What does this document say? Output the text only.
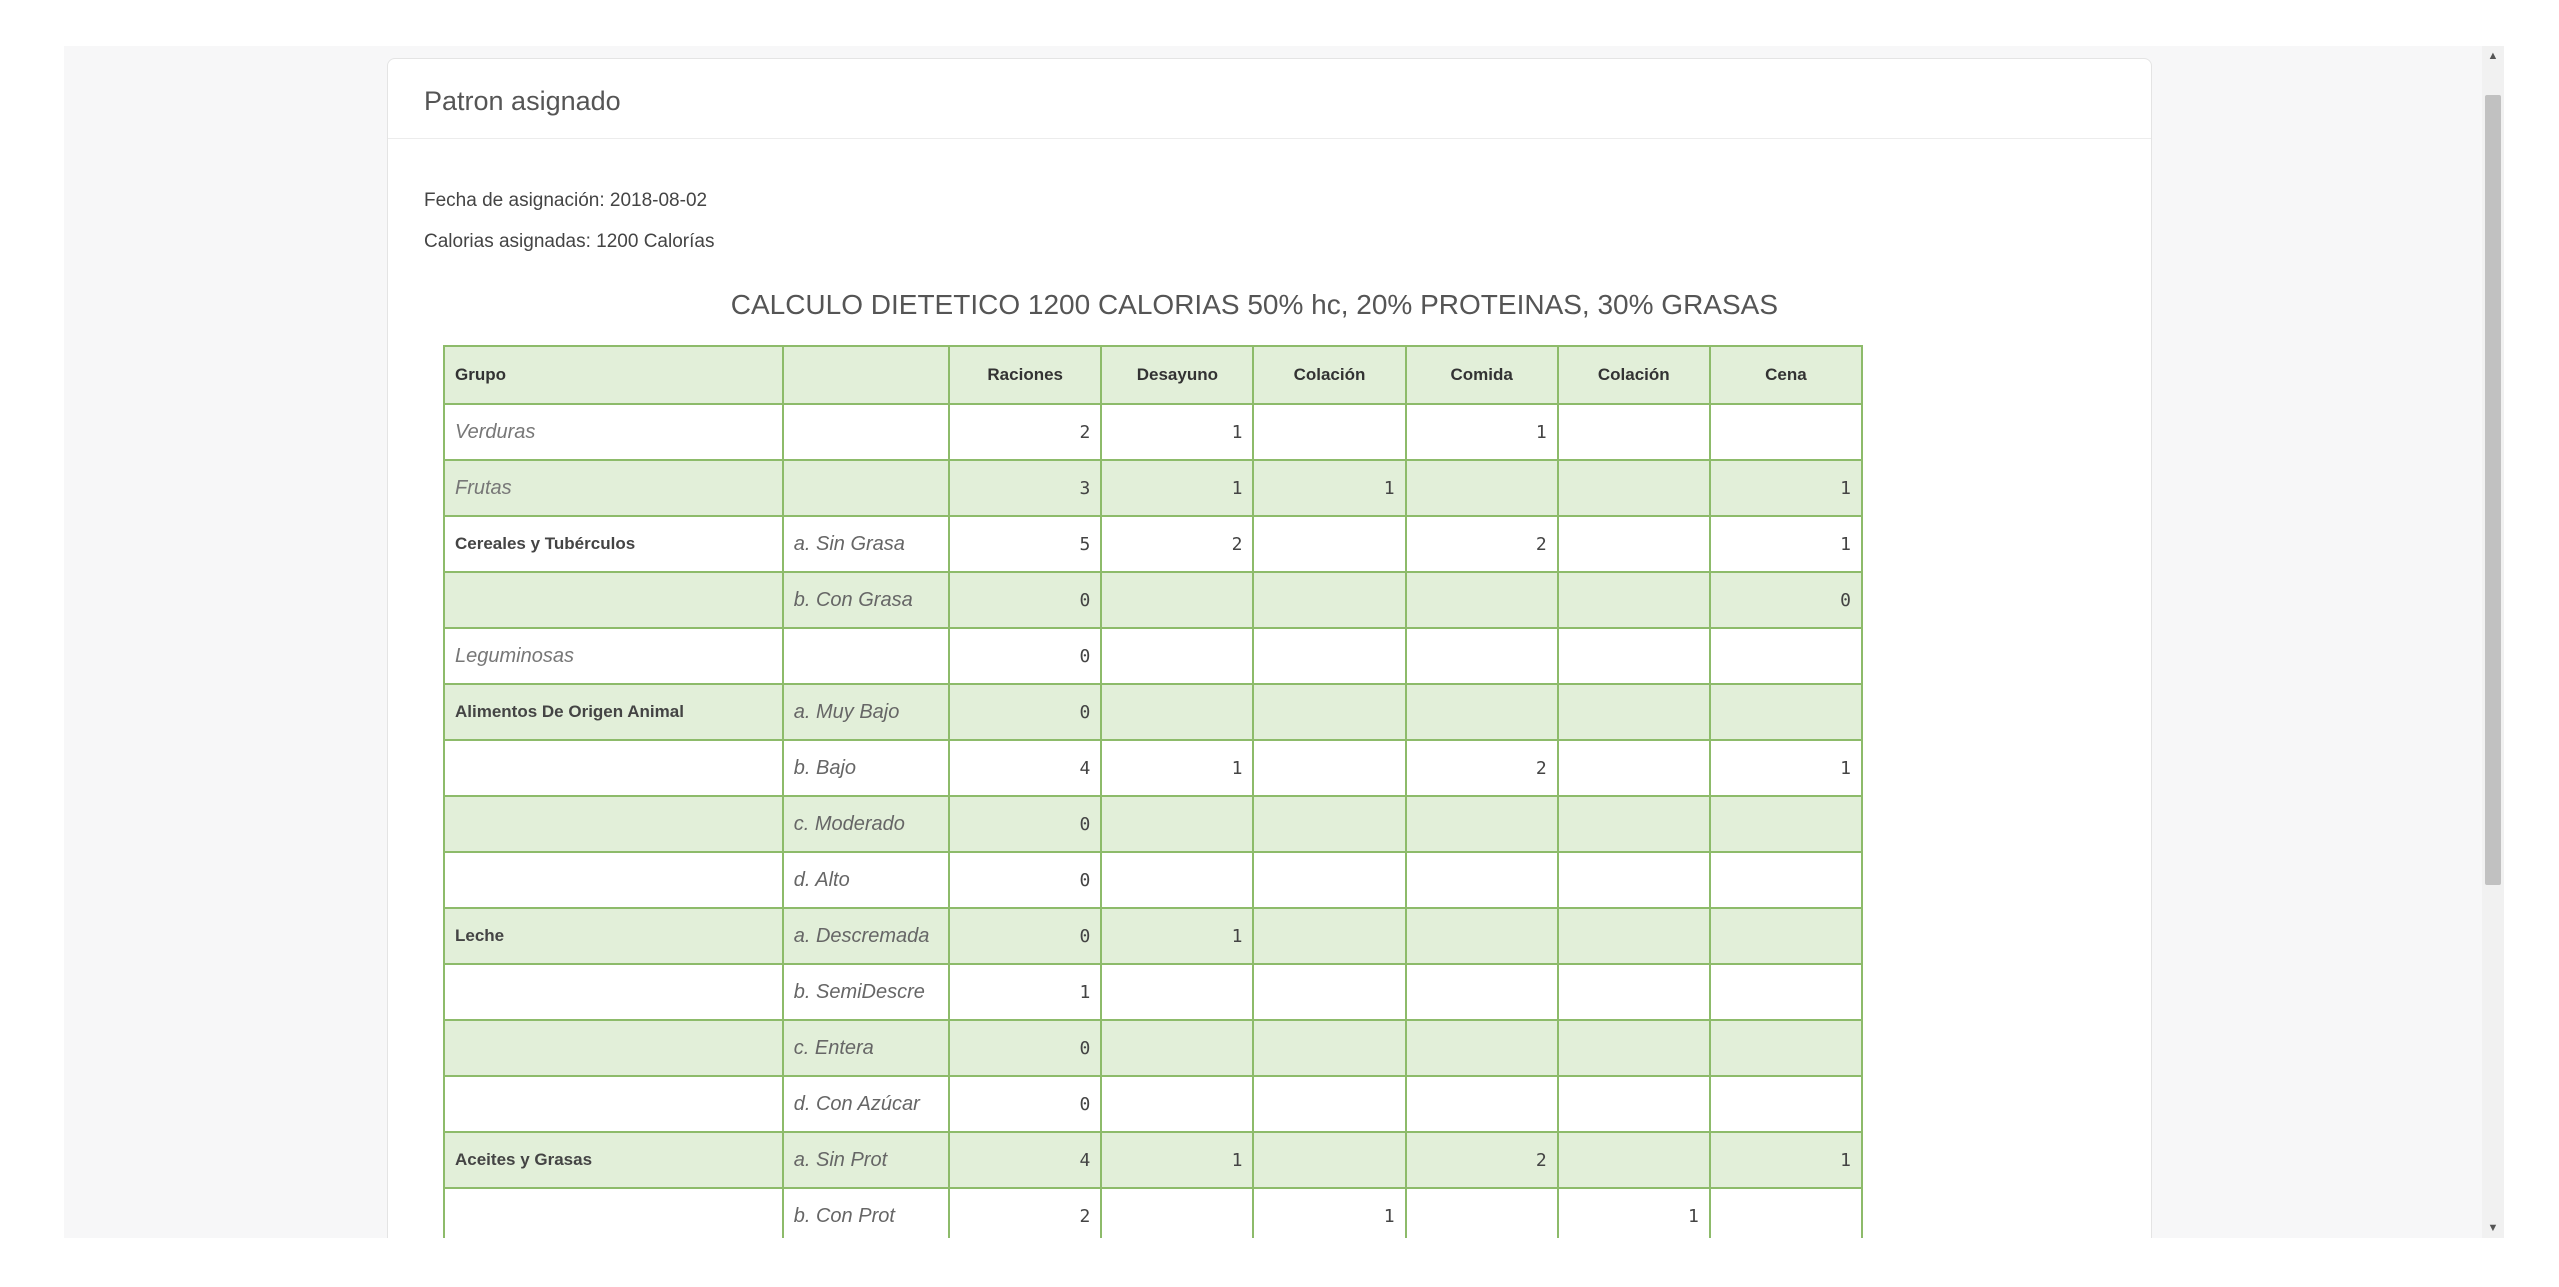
Patron asignado
Fecha de asignación: 2018-08-02
Calorias asignadas: 1200 Calorías
CALCULO DIETETICO 1200 CALORIAS 50% hc, 20% PROTEINAS, 30% GRASAS
Grupo		Raciones	Desayuno	Colación	Comida	Colación	Cena
Verduras		2	1		1		
Frutas		3	1	1			1
Cereales y Tubérculos	a. Sin Grasa	5	2		2		1
	b. Con Grasa	0					0
Leguminosas		0					
Alimentos De Origen Animal	a. Muy Bajo	0					
	b. Bajo	4	1		2		1
	c. Moderado	0					
	d. Alto	0					
Leche	a. Descremada	0	1				
	b. SemiDescre	1					
	c. Entera	0					
	d. Con Azúcar	0					
Aceites y Grasas	a. Sin Prot	4	1		2		1
	b. Con Prot	2		1		1	
▲
▼
